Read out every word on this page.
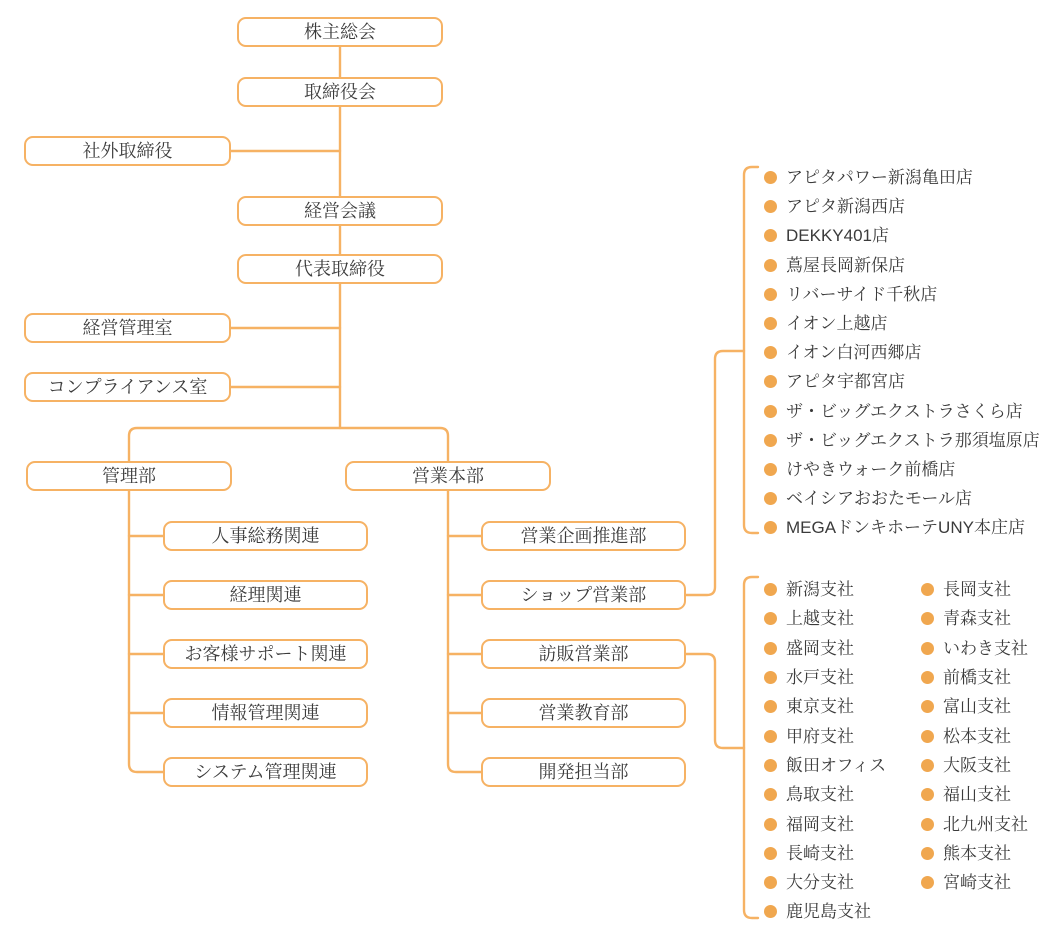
株主総会
取締役会
社外取締役
経営会議
代表取締役
経営管理室
コンプライアンス室
管理部	営業本部
人事総務関連
経理関連
お客様サポート関連
情報管理関連
システム管理関連
営業企画推進部
ショップ営業部
訪販営業部
営業教育部
開発担当部
アピタパワー新潟亀田店
アピタ新潟西店
DEKKY401店
蔦屋長岡新保店
リバーサイド千秋店
イオン上越店
イオン白河西郷店
アピタ宇都宮店
ザ・ビッグエクストラさくら店
ザ・ビッグエクストラ那須塩原店
けやきウォーク前橋店
ベイシアおおたモール店
MEGAドンキホーテUNY本庄店
新潟支社
上越支社
盛岡支社
水戸支社
東京支社
甲府支社
飯田オフィス
鳥取支社
福岡支社
長崎支社
大分支社
鹿児島支社
長岡支社
青森支社
いわき支社
前橋支社
富山支社
松本支社
大阪支社
福山支社
北九州支社
熊本支社
宮崎支社
